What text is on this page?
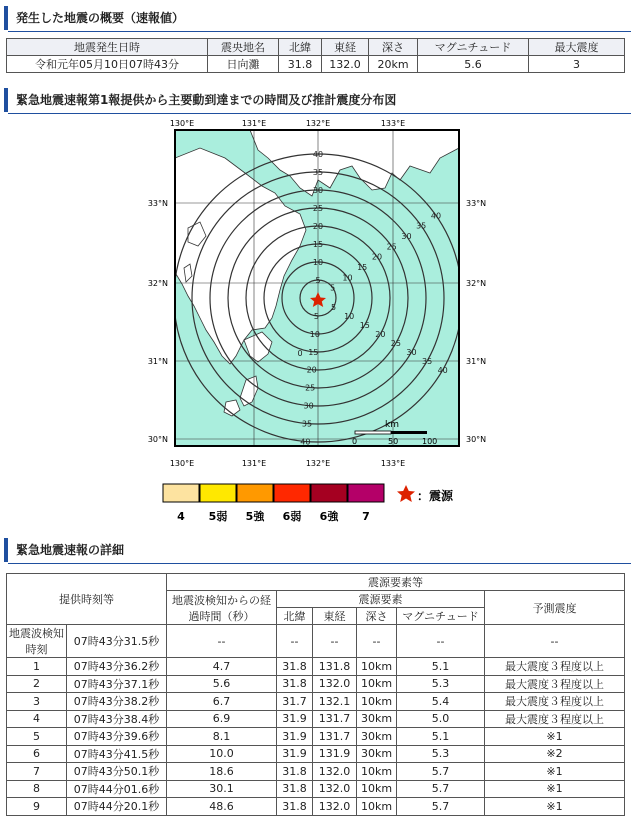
発生した地震の概要（速報値）
地震発生日時	震央地名	北緯	東経	深さ	マグニチュード	最大震度
令和元年05月10日07時43分	日向灘	31.8	132.0	20km	5.6	3
緊急地震速報第1報提供から主要動到達までの時間及び推計震度分布図
0
5
5
5
5
10
10
10
10
15
15
15
15
20
20
20
20
25
25
25
25
30
30
30
30
35
35
35
35
40
40
40
40
130°E
130°E
131°E
131°E
132°E
132°E
133°E
133°E
33°N	33°N
32°N	32°N
31°N	31°N
30°N	30°N
km
0	50	100
4 5弱 5強 6弱 6強 7
：震源
緊急地震速報の詳細
提供時刻等		震源要素等					
		地震波検知からの経過時間（秒）	震源要素				予測震度
			北緯	東経	深さ	マグニチュード	
地震波検知時刻	07時43分31.5秒	--	--	--	--	--	--
1	07時43分36.2秒	4.7	31.8	131.8	10km	5.1	最大震度３程度以上
2	07時43分37.1秒	5.6	31.8	132.0	10km	5.3	最大震度３程度以上
3	07時43分38.2秒	6.7	31.7	132.1	10km	5.4	最大震度３程度以上
4	07時43分38.4秒	6.9	31.9	131.7	30km	5.0	最大震度３程度以上
5	07時43分39.6秒	8.1	31.9	131.7	30km	5.1	※1
6	07時43分41.5秒	10.0	31.9	131.9	30km	5.3	※2
7	07時43分50.1秒	18.6	31.8	132.0	10km	5.7	※1
8	07時44分01.6秒	30.1	31.8	132.0	10km	5.7	※1
9	07時44分20.1秒	48.6	31.8	132.0	10km	5.7	※1
